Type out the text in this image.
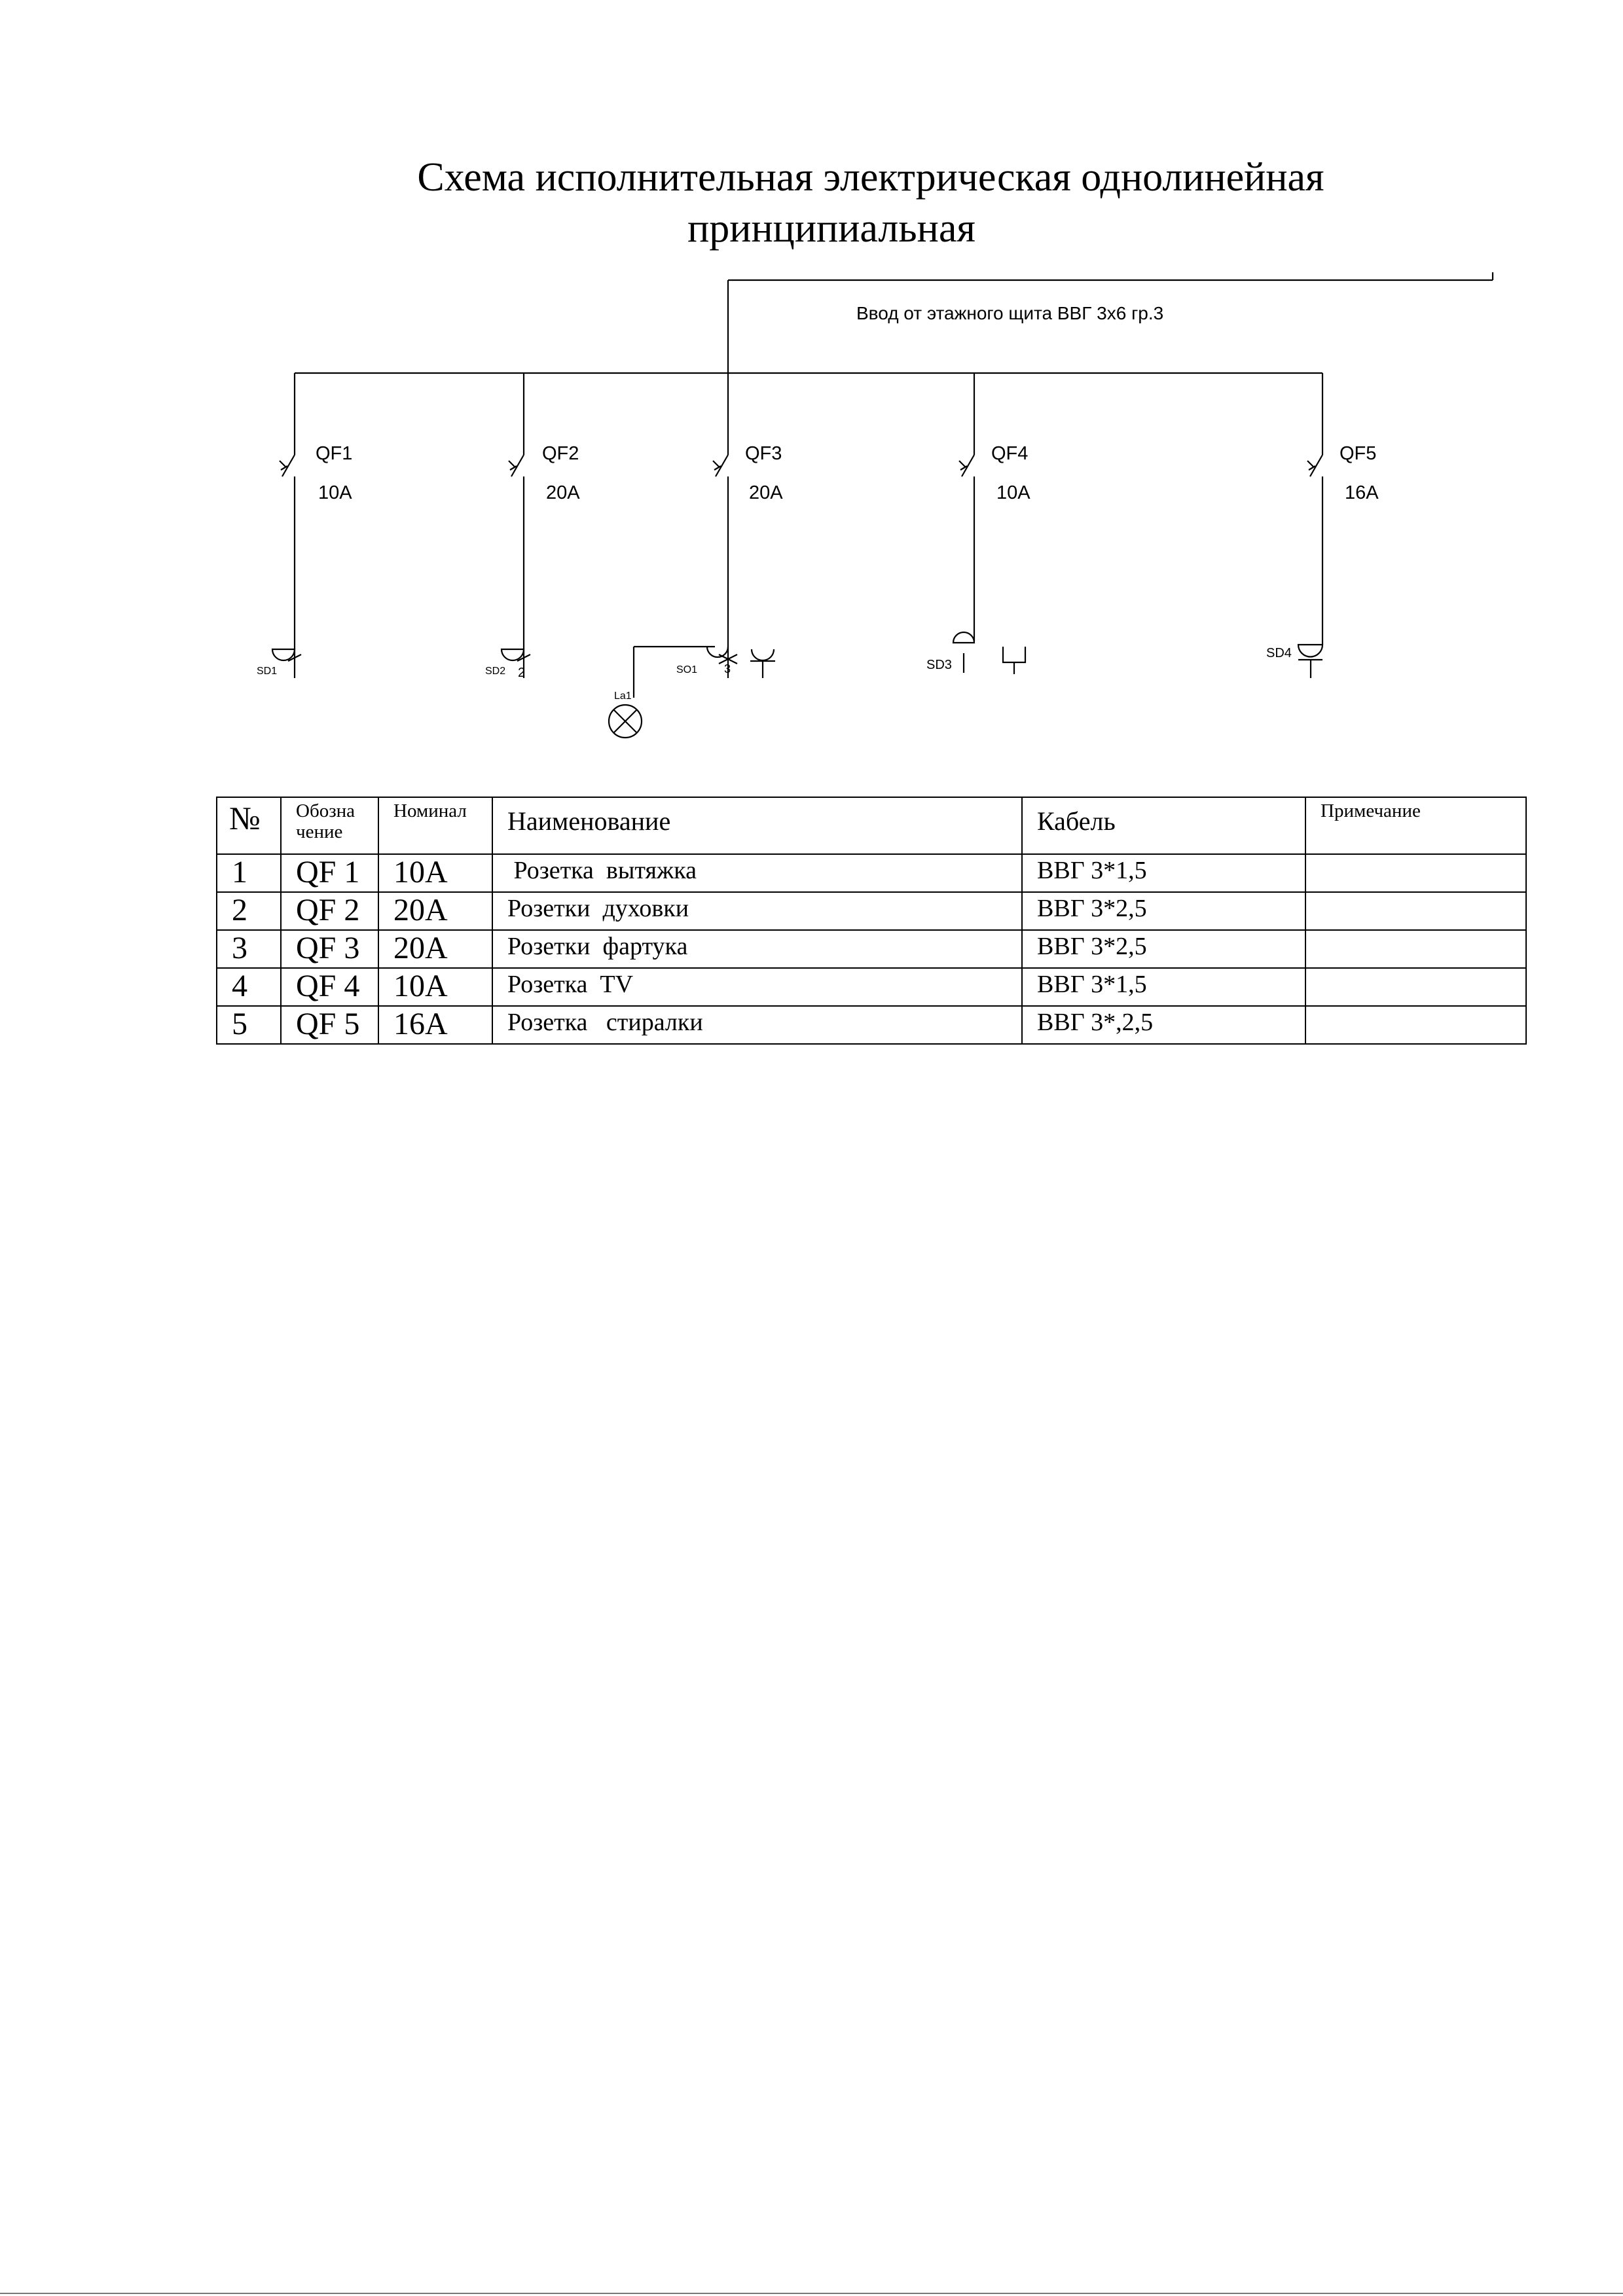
Схема исполнительная электрическая однолинейная
принципиальная
Ввод от этажного щита ВВГ 3х6 гр.3
QF1
10A
QF2
20A
QF3
20A
QF4
10A
QF5
16A
SD1	SD2 2	SO1 3	SD3
SD4
La1
№	Обозна чение	Номинал	Наименование	Кабель	Примечание
1	QF 1	10A	Розетка  вытяжка	ВВГ 3*1,5	
2	QF 2	20A	Розетки  духовки	ВВГ 3*2,5	
3	QF 3	20A	Розетки  фартука	ВВГ 3*2,5	
4	QF 4	10A	Розетка  TV	ВВГ 3*1,5	
5	QF 5	16A	Розетка   стиралки	ВВГ 3*,2,5	
